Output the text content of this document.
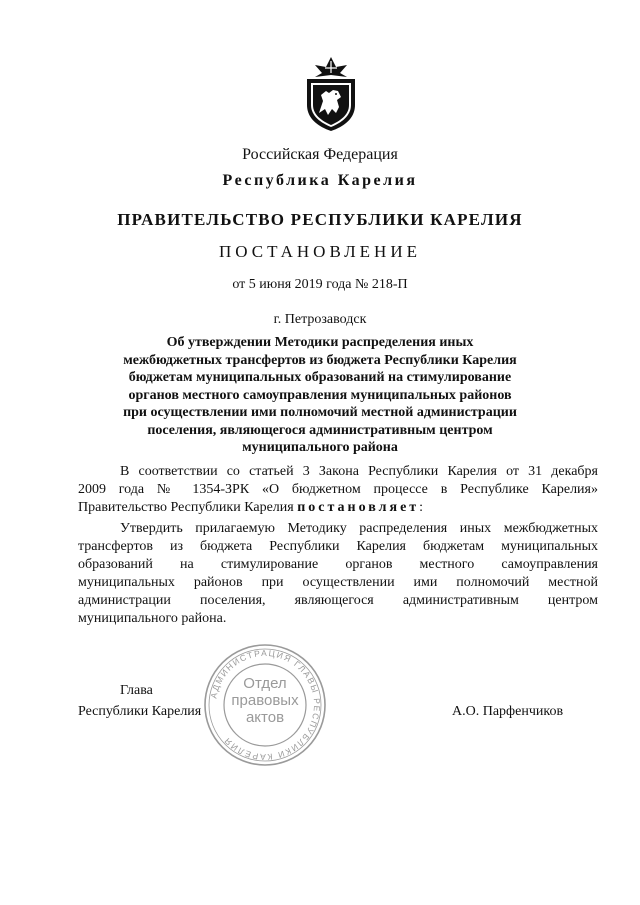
Российская Федерация
Республика Карелия
ПРАВИТЕЛЬСТВО РЕСПУБЛИКИ КАРЕЛИЯ
ПОСТАНОВЛЕНИЕ
от 5 июня 2019 года № 218-П
г. Петрозаводск
Об утверждении Методики распределения иных
межбюджетных трансфертов из бюджета Республики Карелия
бюджетам муниципальных образований на стимулирование
органов местного самоуправления муниципальных районов
при осуществлении ими полномочий местной администрации
поселения, являющегося административным центром
муниципального района
В соответствии со статьей 3 Закона Республики Карелия от 31 декабря
2009 года № 1354-ЗРК «О бюджетном процессе в Республике Карелия»
Правительство Республики Карелия постановляет:
Утвердить прилагаемую Методику распределения иных межбюджетных
трансфертов из бюджета Республики Карелия бюджетам муниципальных
образований на стимулирование органов местного самоуправления
муниципальных районов при осуществлении ими полномочий местной
администрации поселения, являющегося административным центром
муниципального района.
АДМИНИСТРАЦИЯ ГЛАВЫ РЕСПУБЛИКИ КАРЕЛИЯ
Отдел
правовых
актов
Глава
Республики Карелия	А.О. Парфенчиков
